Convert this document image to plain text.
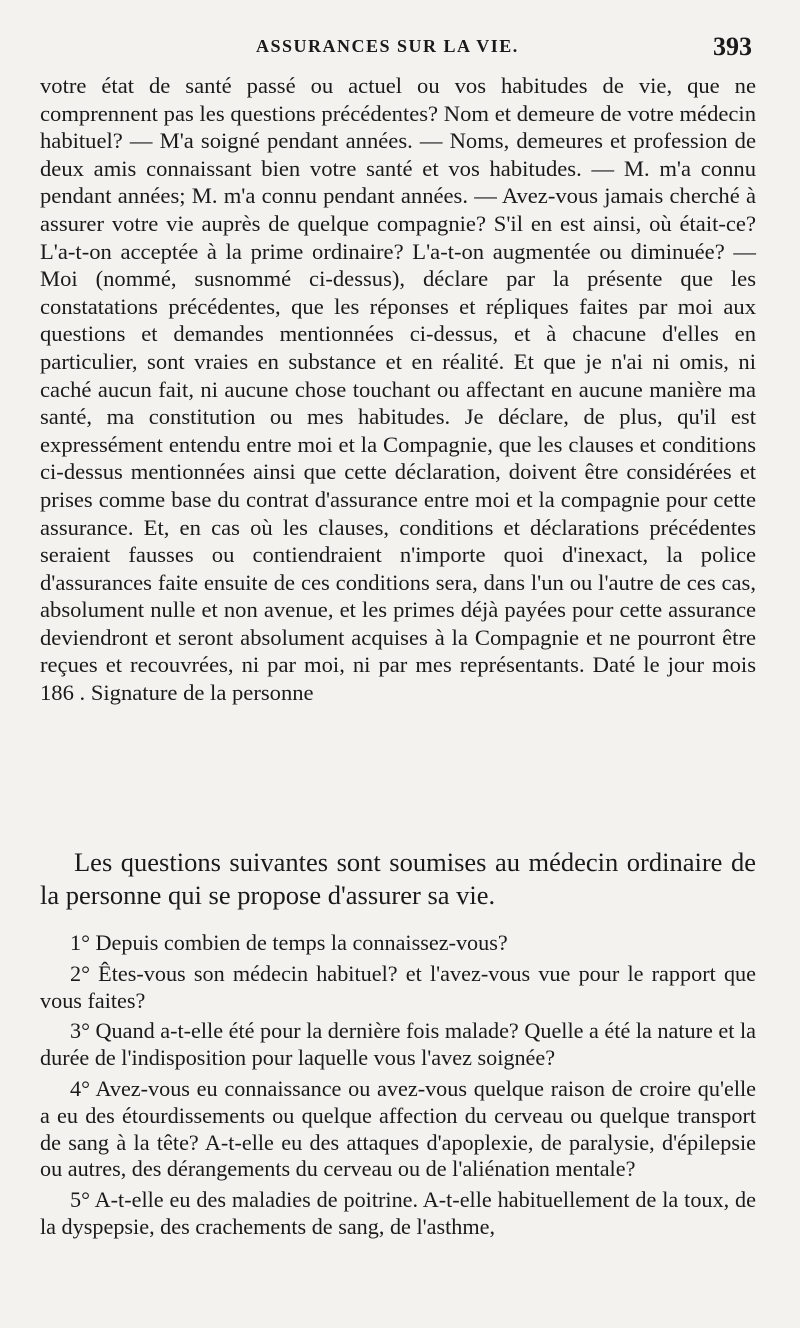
ASSURANCES SUR LA VIE.	393

votre état de santé passé ou actuel ou vos habitudes de vie, que ne comprennent pas les questions précédentes? Nom et demeure de votre médecin habituel? — M'a soigné pendant années. — Noms, demeures et profession de deux amis connaissant bien votre santé et vos habitudes. — M. m'a connu pendant années; M. m'a connu pendant années. — Avez-vous jamais cherché à assurer votre vie auprès de quelque compagnie? S'il en est ainsi, où était-ce? L'a-t-on acceptée à la prime ordinaire? L'a-t-on augmentée ou diminuée? — Moi (nommé, susnommé ci-dessus), déclare par la présente que les constatations précédentes, que les réponses et répliques faites par moi aux questions et demandes mentionnées ci-dessus, et à chacune d'elles en particulier, sont vraies en substance et en réalité. Et que je n'ai ni omis, ni caché aucun fait, ni aucune chose touchant ou affectant en aucune manière ma santé, ma constitution ou mes habitudes. Je déclare, de plus, qu'il est expressément entendu entre moi et la Compagnie, que les clauses et conditions ci-dessus mentionnées ainsi que cette déclaration, doivent être considérées et prises comme base du contrat d'assurance entre moi et la compagnie pour cette assurance. Et, en cas où les clauses, conditions et déclarations précédentes seraient fausses ou contiendraient n'importe quoi d'inexact, la police d'assurances faite ensuite de ces conditions sera, dans l'un ou l'autre de ces cas, absolument nulle et non avenue, et les primes déjà payées pour cette assurance deviendront et seront absolument acquises à la Compagnie et ne pourront être reçues et recouvrées, ni par moi, ni par mes représentants. Daté le jour mois 186 . Signature de la personne

Les questions suivantes sont soumises au médecin ordinaire de la personne qui se propose d'assurer sa vie.

1° Depuis combien de temps la connaissez-vous?

2° Êtes-vous son médecin habituel? et l'avez-vous vue pour le rapport que vous faites?

3° Quand a-t-elle été pour la dernière fois malade? Quelle a été la nature et la durée de l'indisposition pour laquelle vous l'avez soignée?

4° Avez-vous eu connaissance ou avez-vous quelque raison de croire qu'elle a eu des étourdissements ou quelque affection du cerveau ou quelque transport de sang à la tête? A-t-elle eu des attaques d'apoplexie, de paralysie, d'épilepsie ou autres, des dérangements du cerveau ou de l'aliénation mentale?

5° A-t-elle eu des maladies de poitrine. A-t-elle habituellement de la toux, de la dyspepsie, des crachements de sang, de l'asthme,
